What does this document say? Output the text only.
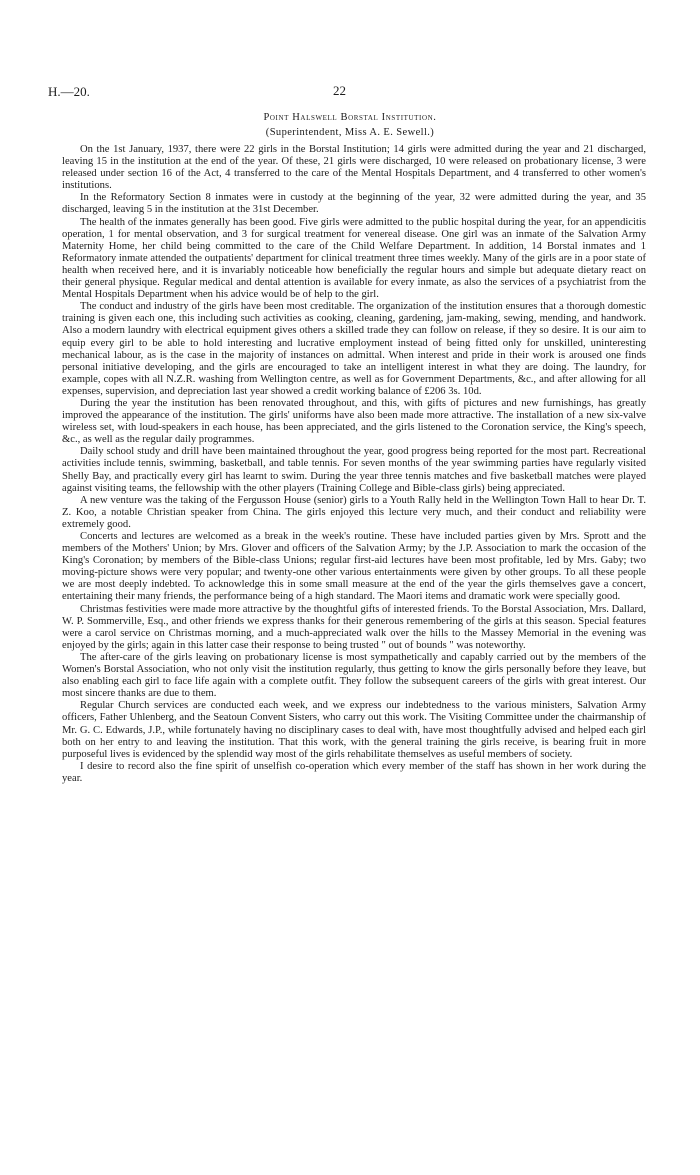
H.—20.	22
Point Halswell Borstal Institution.
(Superintendent, Miss A. E. Sewell.)

On the 1st January, 1937, there were 22 girls in the Borstal Institution; 14 girls were admitted during the year and 21 discharged, leaving 15 in the institution at the end of the year. Of these, 21 girls were discharged, 10 were released on probationary license, 3 were released under section 16 of the Act, 4 transferred to the care of the Mental Hospitals Department, and 4 transferred to other women's institutions.

In the Reformatory Section 8 inmates were in custody at the beginning of the year, 32 were admitted during the year, and 35 discharged, leaving 5 in the institution at the 31st December.

The health of the inmates generally has been good. Five girls were admitted to the public hospital during the year, for an appendicitis operation, 1 for mental observation, and 3 for surgical treatment for venereal disease. One girl was an inmate of the Salvation Army Maternity Home, her child being committed to the care of the Child Welfare Department. In addition, 14 Borstal inmates and 1 Reformatory inmate attended the outpatients' department for clinical treatment three times weekly. Many of the girls are in a poor state of health when received here, and it is invariably noticeable how beneficially the regular hours and simple but adequate dietary react on their general physique. Regular medical and dental attention is available for every inmate, as also the services of a psychiatrist from the Mental Hospitals Department when his advice would be of help to the girl.

The conduct and industry of the girls have been most creditable. The organization of the institution ensures that a thorough domestic training is given each one, this including such activities as cooking, cleaning, gardening, jam-making, sewing, mending, and handwork. Also a modern laundry with electrical equipment gives others a skilled trade they can follow on release, if they so desire. It is our aim to equip every girl to be able to hold interesting and lucrative employment instead of being fitted only for unskilled, uninteresting mechanical labour, as is the case in the majority of instances on admittal. When interest and pride in their work is aroused one finds personal initiative developing, and the girls are encouraged to take an intelligent interest in what they are doing. The laundry, for example, copes with all N.Z.R. washing from Wellington centre, as well as for Government Departments, &c., and after allowing for all expenses, supervision, and depreciation last year showed a credit working balance of £206 3s. 10d.

During the year the institution has been renovated throughout, and this, with gifts of pictures and new furnishings, has greatly improved the appearance of the institution. The girls' uniforms have also been made more attractive. The installation of a new six-valve wireless set, with loud-speakers in each house, has been appreciated, and the girls listened to the Coronation service, the King's speech, &c., as well as the regular daily programmes.

Daily school study and drill have been maintained throughout the year, good progress being reported for the most part. Recreational activities include tennis, swimming, basketball, and table tennis. For seven months of the year swimming parties have regularly visited Shelly Bay, and practically every girl has learnt to swim. During the year three tennis matches and five basketball matches were played against visiting teams, the fellowship with the other players (Training College and Bible-class girls) being appreciated.

A new venture was the taking of the Fergusson House (senior) girls to a Youth Rally held in the Wellington Town Hall to hear Dr. T. Z. Koo, a notable Christian speaker from China. The girls enjoyed this lecture very much, and their conduct and reliability were extremely good.

Concerts and lectures are welcomed as a break in the week's routine. These have included parties given by Mrs. Sprott and the members of the Mothers' Union; by Mrs. Glover and officers of the Salvation Army; by the J.P. Association to mark the occasion of the King's Coronation; by members of the Bible-class Unions; regular first-aid lectures have been most profitable, led by Mrs. Gaby; two moving-picture shows were very popular; and twenty-one other various entertainments were given by other groups. To all these people we are most deeply indebted. To acknowledge this in some small measure at the end of the year the girls themselves gave a concert, entertaining their many friends, the performance being of a high standard. The Maori items and dramatic work were specially good.

Christmas festivities were made more attractive by the thoughtful gifts of interested friends. To the Borstal Association, Mrs. Dallard, W. P. Sommerville, Esq., and other friends we express thanks for their generous remembering of the girls at this season. Special features were a carol service on Christmas morning, and a much-appreciated walk over the hills to the Massey Memorial in the evening was enjoyed by the girls; again in this latter case their response to being trusted " out of bounds " was noteworthy.

The after-care of the girls leaving on probationary license is most sympathetically and capably carried out by the members of the Women's Borstal Association, who not only visit the institution regularly, thus getting to know the girls personally before they leave, but also enabling each girl to face life again with a complete outfit. They follow the subsequent careers of the girls with great interest. Our most sincere thanks are due to them.

Regular Church services are conducted each week, and we express our indebtedness to the various ministers, Salvation Army officers, Father Uhlenberg, and the Seatoun Convent Sisters, who carry out this work. The Visiting Committee under the chairmanship of Mr. G. C. Edwards, J.P., while fortunately having no disciplinary cases to deal with, have most thoughtfully advised and helped each girl both on her entry to and leaving the institution. That this work, with the general training the girls receive, is bearing fruit in more purposeful lives is evidenced by the splendid way most of the girls rehabilitate themselves as useful members of society.

I desire to record also the fine spirit of unselfish co-operation which every member of the staff has shown in her work during the year.
